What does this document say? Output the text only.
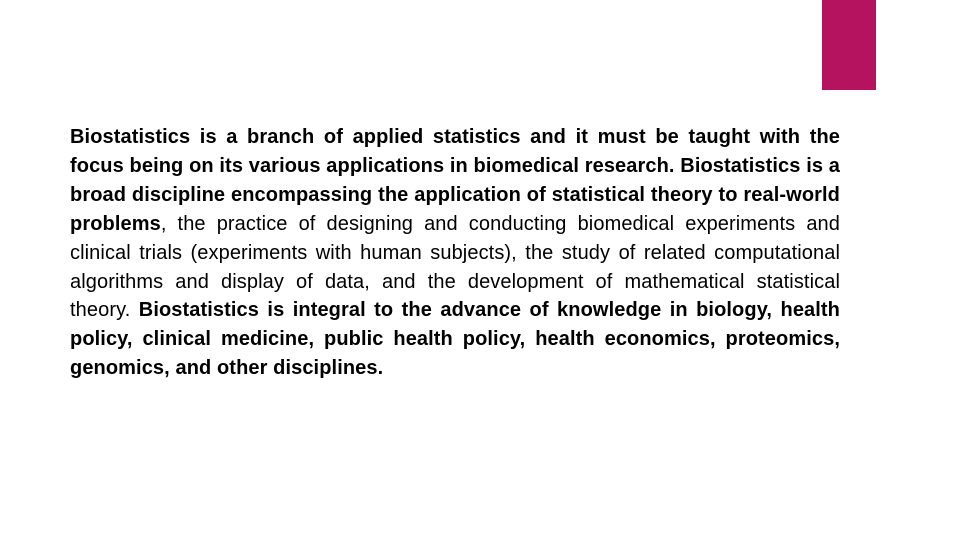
Biostatistics is a branch of applied statistics and it must be taught with the focus being on its various applications in biomedical research. Biostatistics is a broad discipline encompassing the application of statistical theory to real-world problems, the practice of designing and conducting biomedical experiments and clinical trials (experiments with human subjects), the study of related computational algorithms and display of data, and the development of mathematical statistical theory. Biostatistics is integral to the advance of knowledge in biology, health policy, clinical medicine, public health policy, health economics, proteomics, genomics, and other disciplines.
